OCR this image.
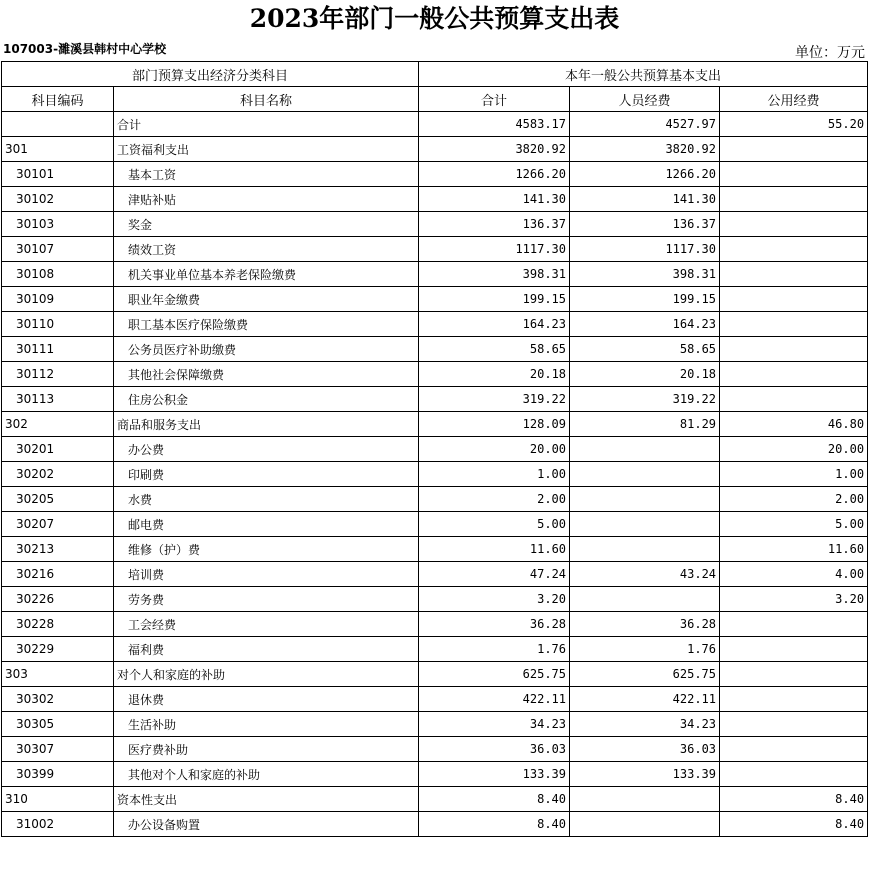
2023年部门一般公共预算支出表
107003-濉溪县韩村中心学校	单位：万元
部门预算支出经济分类科目		本年一般公共预算基本支出		
科目编码	科目名称	合计	人员经费	公用经费
	合计	4583.17	4527.97	55.20
301	工资福利支出	3820.92	3820.92	
30101	基本工资	1266.20	1266.20	
30102	津贴补贴	141.30	141.30	
30103	奖金	136.37	136.37	
30107	绩效工资	1117.30	1117.30	
30108	机关事业单位基本养老保险缴费	398.31	398.31	
30109	职业年金缴费	199.15	199.15	
30110	职工基本医疗保险缴费	164.23	164.23	
30111	公务员医疗补助缴费	58.65	58.65	
30112	其他社会保障缴费	20.18	20.18	
30113	住房公积金	319.22	319.22	
302	商品和服务支出	128.09	81.29	46.80
30201	办公费	20.00		20.00
30202	印刷费	1.00		1.00
30205	水费	2.00		2.00
30207	邮电费	5.00		5.00
30213	维修（护）费	11.60		11.60
30216	培训费	47.24	43.24	4.00
30226	劳务费	3.20		3.20
30228	工会经费	36.28	36.28	
30229	福利费	1.76	1.76	
303	对个人和家庭的补助	625.75	625.75	
30302	退休费	422.11	422.11	
30305	生活补助	34.23	34.23	
30307	医疗费补助	36.03	36.03	
30399	其他对个人和家庭的补助	133.39	133.39	
310	资本性支出	8.40		8.40
31002	办公设备购置	8.40		8.40
